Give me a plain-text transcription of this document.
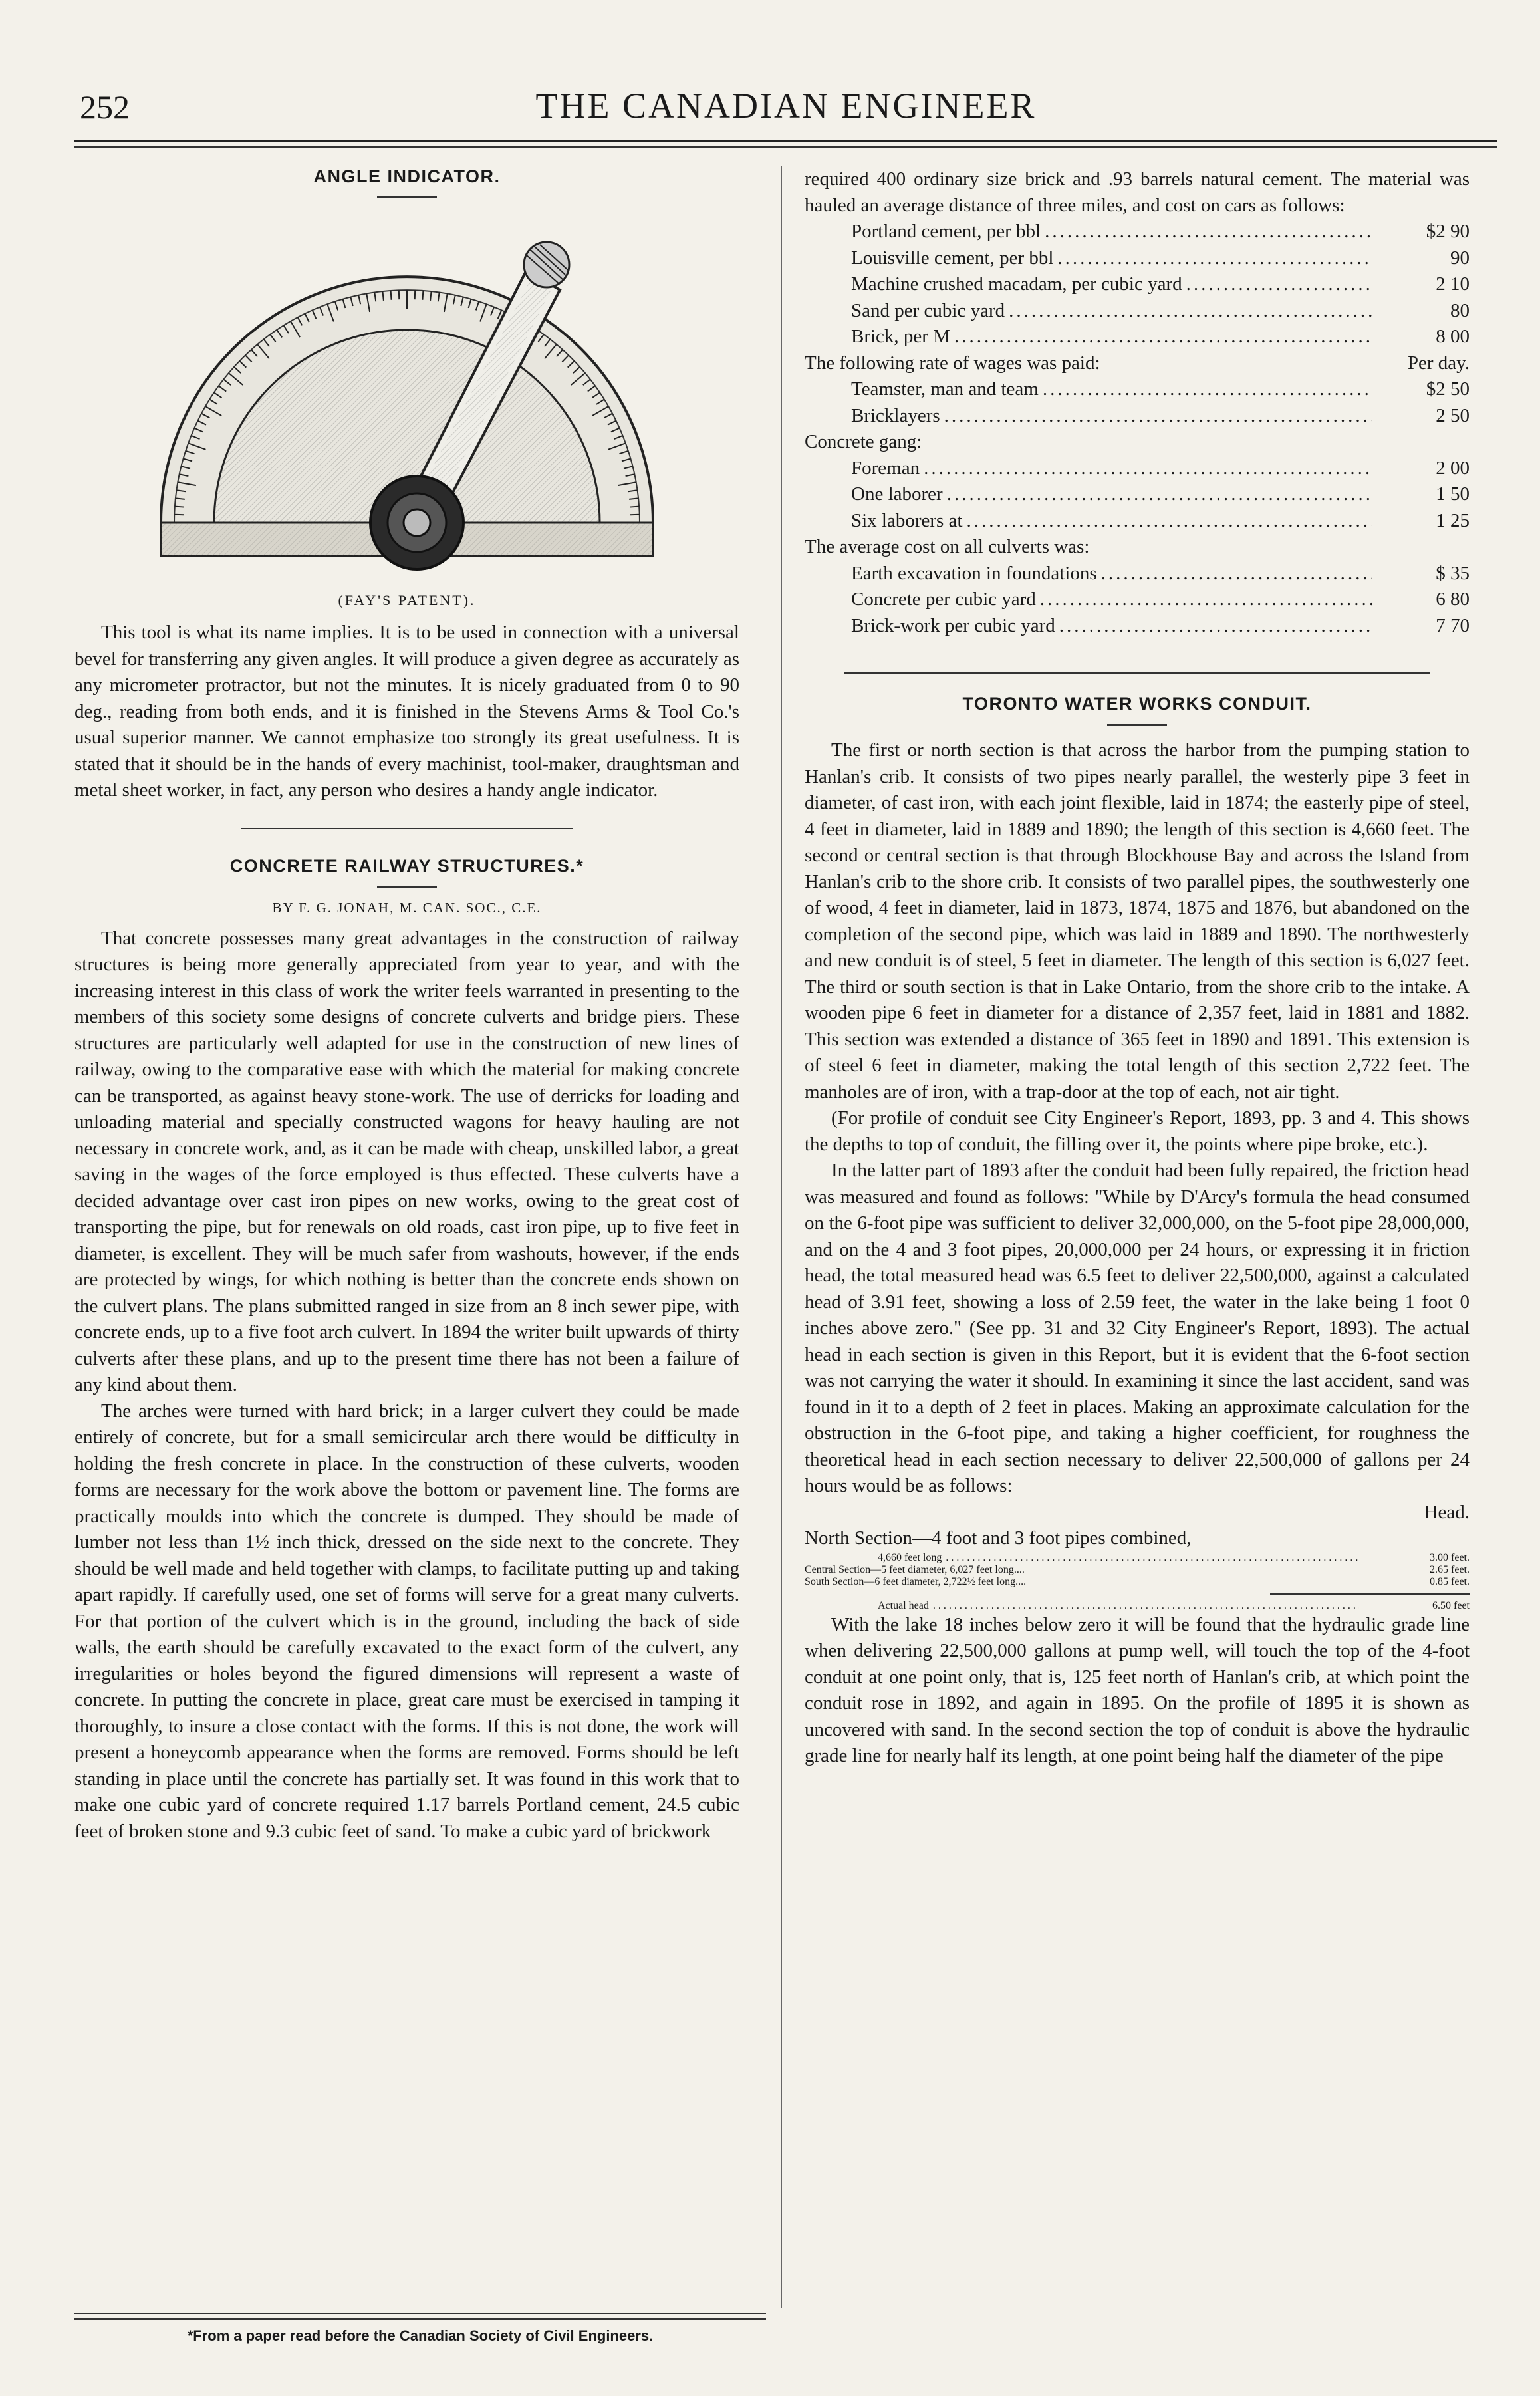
252	THE CANADIAN ENGINEER
ANGLE INDICATOR.
(FAY'S PATENT).

This tool is what its name implies. It is to be used in connection with a universal bevel for transferring any given angles. It will produce a given degree as accurately as any micrometer protractor, but not the minutes. It is nicely graduated from 0 to 90 deg., reading from both ends, and it is finished in the Stevens Arms & Tool Co.'s usual superior manner. We cannot emphasize too strongly its great usefulness. It is stated that it should be in the hands of every machinist, tool-maker, draughtsman and metal sheet worker, in fact, any person who desires a handy angle indicator.

CONCRETE RAILWAY STRUCTURES.*
BY F. G. JONAH, M. CAN. SOC., C.E.

That concrete possesses many great advantages in the construction of railway structures is being more generally appreciated from year to year, and with the increasing interest in this class of work the writer feels warranted in presenting to the members of this society some designs of concrete culverts and bridge piers. These structures are particularly well adapted for use in the construction of new lines of railway, owing to the comparative ease with which the material for making concrete can be transported, as against heavy stone-work. The use of derricks for loading and unloading material and specially constructed wagons for heavy hauling are not necessary in concrete work, and, as it can be made with cheap, unskilled labor, a great saving in the wages of the force employed is thus effected. These culverts have a decided advantage over cast iron pipes on new works, owing to the great cost of transporting the pipe, but for renewals on old roads, cast iron pipe, up to five feet in diameter, is excellent. They will be much safer from washouts, however, if the ends are protected by wings, for which nothing is better than the concrete ends shown on the culvert plans. The plans submitted ranged in size from an 8 inch sewer pipe, with concrete ends, up to a five foot arch culvert. In 1894 the writer built upwards of thirty culverts after these plans, and up to the present time there has not been a failure of any kind about them.

The arches were turned with hard brick; in a larger culvert they could be made entirely of concrete, but for a small semicircular arch there would be difficulty in holding the fresh concrete in place. In the construction of these culverts, wooden forms are necessary for the work above the bottom or pavement line. The forms are practically moulds into which the concrete is dumped. They should be made of lumber not less than 1½ inch thick, dressed on the side next to the concrete. They should be well made and held together with clamps, to facilitate putting up and taking apart rapidly. If carefully used, one set of forms will serve for a great many culverts. For that portion of the culvert which is in the ground, including the back of side walls, the earth should be carefully excavated to the exact form of the culvert, any irregularities or holes beyond the figured dimensions will represent a waste of concrete. In putting the concrete in place, great care must be exercised in tamping it thoroughly, to insure a close contact with the forms. If this is not done, the work will present a honeycomb appearance when the forms are removed. Forms should be left standing in place until the concrete has partially set. It was found in this work that to make one cubic yard of concrete required 1.17 barrels Portland cement, 24.5 cubic feet of broken stone and 9.3 cubic feet of sand. To make a cubic yard of brickwork

*From a paper read before the Canadian Society of Civil Engineers.

required 400 ordinary size brick and .93 barrels natural cement. The material was hauled an average distance of three miles, and cost on cars as follows:

Portland cement, per bbl .....	$2 90
Louisville cement, per bbl .....	90
Machine crushed macadam, per cubic yard .....	2 10
Sand per cubic yard .....	80
Brick, per M .....	8 00
The following rate of wages was paid:	Per day.
Teamster, man and team .....	$2 50
Bricklayers .....	2 50
Concrete gang:
Foreman .....	2 00
One laborer .....	1 50
Six laborers at .....	1 25
The average cost on all culverts was:
Earth excavation in foundations .....	$ 35
Concrete per cubic yard .....	6 80
Brick-work per cubic yard .....	7 70
TORONTO WATER WORKS CONDUIT.

The first or north section is that across the harbor from the pumping station to Hanlan's crib. It consists of two pipes nearly parallel, the westerly pipe 3 feet in diameter, of cast iron, with each joint flexible, laid in 1874; the easterly pipe of steel, 4 feet in diameter, laid in 1889 and 1890; the length of this section is 4,660 feet. The second or central section is that through Blockhouse Bay and across the Island from Hanlan's crib to the shore crib. It consists of two parallel pipes, the southwesterly one of wood, 4 feet in diameter, laid in 1873, 1874, 1875 and 1876, but abandoned on the completion of the second pipe, which was laid in 1889 and 1890. The northwesterly and new conduit is of steel, 5 feet in diameter. The length of this section is 6,027 feet. The third or south section is that in Lake Ontario, from the shore crib to the intake. A wooden pipe 6 feet in diameter for a distance of 2,357 feet, laid in 1881 and 1882. This section was extended a distance of 365 feet in 1890 and 1891. This extension is of steel 6 feet in diameter, making the total length of this section 2,722 feet. The manholes are of iron, with a trap-door at the top of each, not air tight.

(For profile of conduit see City Engineer's Report, 1893, pp. 3 and 4. This shows the depths to top of conduit, the filling over it, the points where pipe broke, etc.).

In the latter part of 1893 after the conduit had been fully repaired, the friction head was measured and found as follows: "While by D'Arcy's formula the head consumed on the 6-foot pipe was sufficient to deliver 32,000,000, on the 5-foot pipe 28,000,000, and on the 4 and 3 foot pipes, 20,000,000 per 24 hours, or expressing it in friction head, the total measured head was 6.5 feet to deliver 22,500,000, against a calculated head of 3.91 feet, showing a loss of 2.59 feet, the water in the lake being 1 foot 0 inches above zero." (See pp. 31 and 32 City Engineer's Report, 1893). The actual head in each section is given in this Report, but it is evident that the 6-foot section was not carrying the water it should. In examining it since the last accident, sand was found in it to a depth of 2 feet in places. Making an approximate calculation for the obstruction in the 6-foot pipe, and taking a higher coefficient, for roughness the theoretical head in each section necessary to deliver 22,500,000 of gallons per 24 hours would be as follows:

Head.
North Section—4 foot and 3 foot pipes combined,
4,660 feet long .....	3.00 feet.
Central Section—5 feet diameter, 6,027 feet long....	2.65 feet.
South Section—6 feet diameter, 2,722½ feet long....	0.85 feet.
Actual head .....	6.50 feet

With the lake 18 inches below zero it will be found that the hydraulic grade line when delivering 22,500,000 gallons at pump well, will touch the top of the 4-foot conduit at one point only, that is, 125 feet north of Hanlan's crib, at which point the conduit rose in 1892, and again in 1895. On the profile of 1895 it is shown as uncovered with sand. In the second section the top of conduit is above the hydraulic grade line for nearly half its length, at one point being half the diameter of the pipe
